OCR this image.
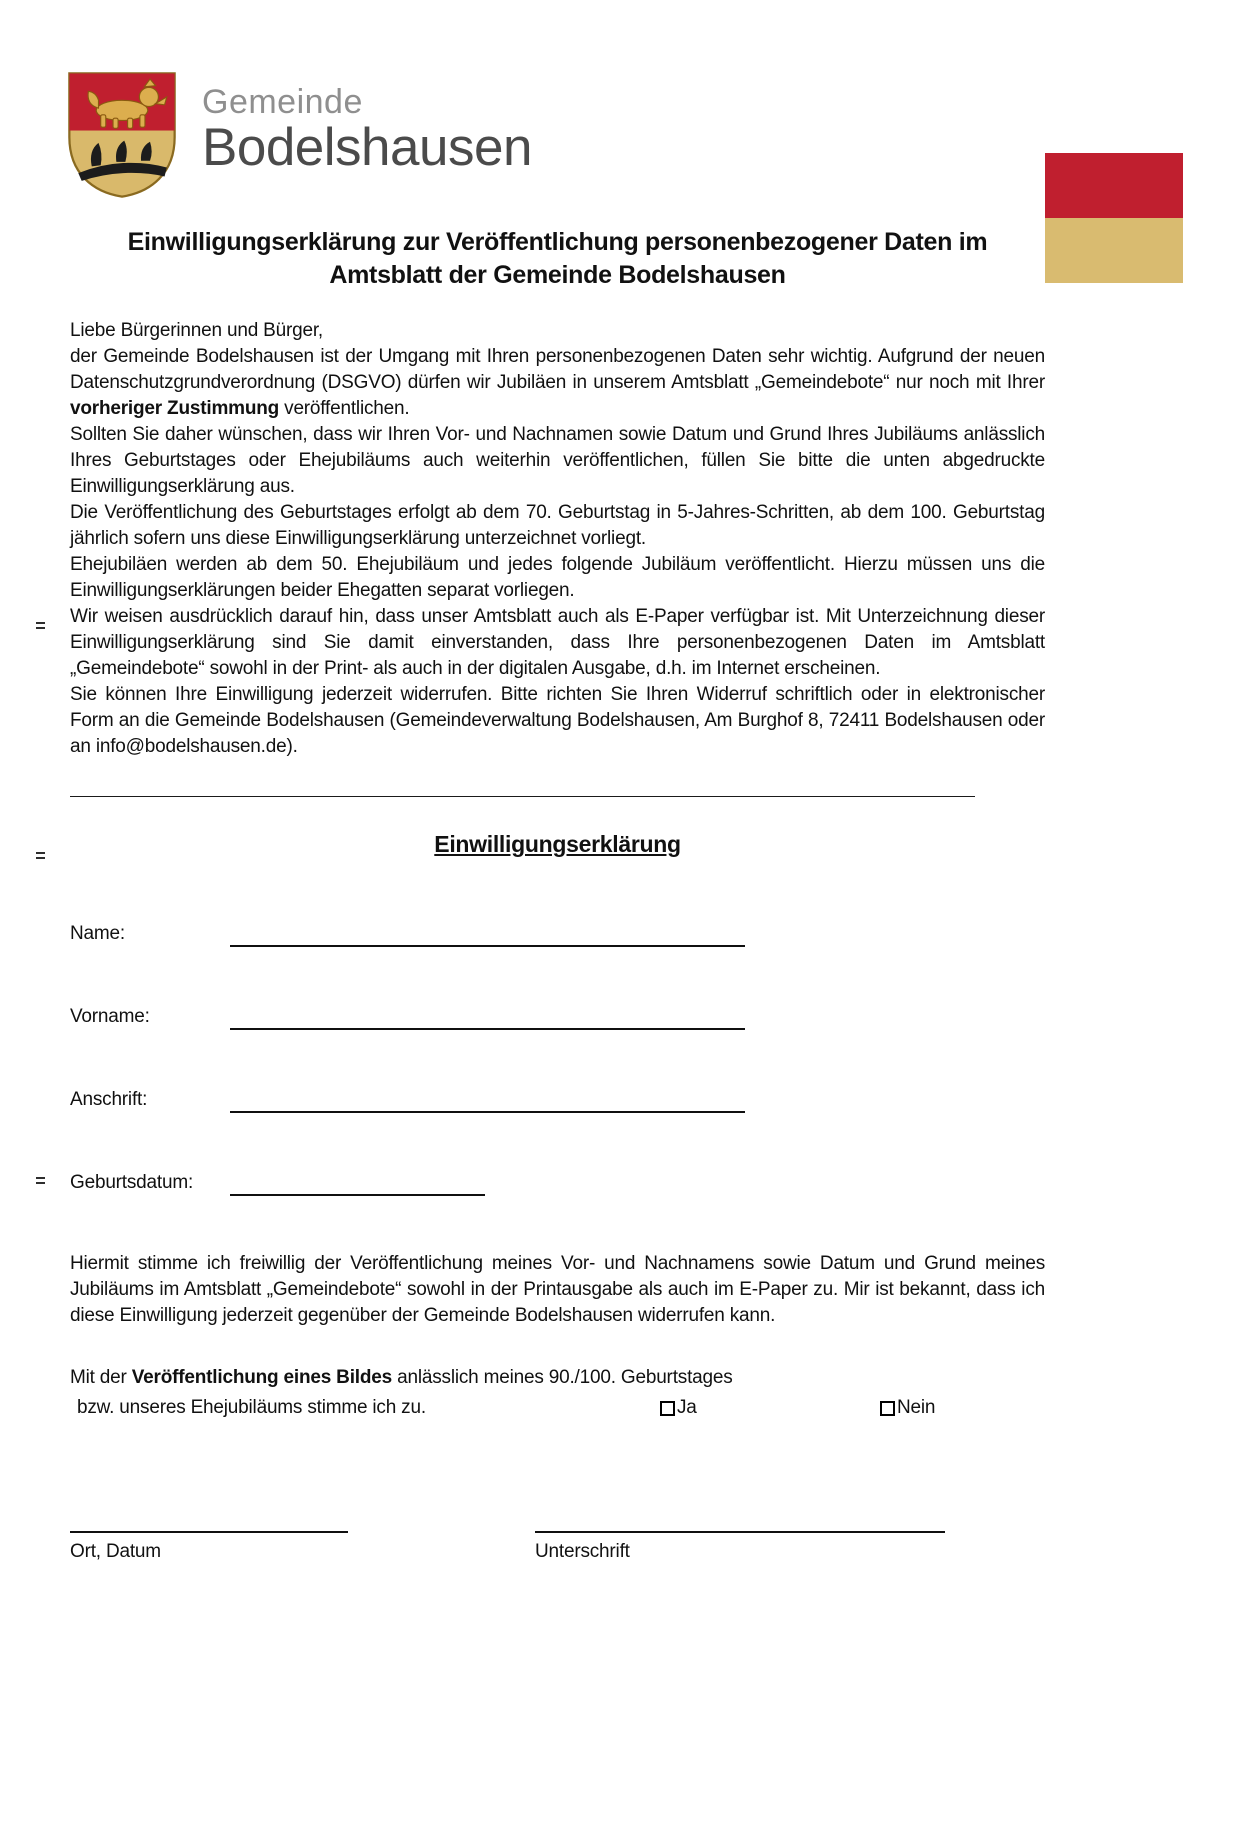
Gemeinde
Bodelshausen
Einwilligungserklärung zur Veröffentlichung personenbezogener Daten im
Amtsblatt der Gemeinde Bodelshausen
Liebe Bürgerinnen und Bürger,

der Gemeinde Bodelshausen ist der Umgang mit Ihren personenbezogenen Daten sehr wichtig. Aufgrund der neuen Datenschutzgrundverordnung (DSGVO) dürfen wir Jubiläen in unserem Amtsblatt „Gemeindebote“ nur noch mit Ihrer vorheriger Zustimmung veröffentlichen.

Sollten Sie daher wünschen, dass wir Ihren Vor- und Nachnamen sowie Datum und Grund Ihres Jubiläums anlässlich Ihres Geburtstages oder Ehejubiläums auch weiterhin veröffentlichen, füllen Sie bitte die unten abgedruckte Einwilligungserklärung aus.

Die Veröffentlichung des Geburtstages erfolgt ab dem 70. Geburtstag in 5-Jahres-Schritten, ab dem 100. Geburtstag jährlich sofern uns diese Einwilligungserklärung unterzeichnet vorliegt.

Ehejubiläen werden ab dem 50. Ehejubiläum und jedes folgende Jubiläum veröffentlicht. Hierzu müssen uns die Einwilligungserklärungen beider Ehegatten separat vorliegen.

Wir weisen ausdrücklich darauf hin, dass unser Amtsblatt auch als E-Paper verfügbar ist. Mit Unterzeichnung dieser Einwilligungserklärung sind Sie damit einverstanden, dass Ihre personenbezogenen Daten im Amtsblatt „Gemeindebote“ sowohl in der Print- als auch in der digitalen Ausgabe, d.h. im Internet erscheinen.

Sie können Ihre Einwilligung jederzeit widerrufen. Bitte richten Sie Ihren Widerruf schriftlich oder in elektronischer Form an die Gemeinde Bodelshausen (Gemeindeverwaltung Bodelshausen, Am Burghof 8, 72411 Bodelshausen oder an info@bodelshausen.de).

Einwilligungserklärung
Name:
Vorname:
Anschrift:
Geburtsdatum:

Hiermit stimme ich freiwillig der Veröffentlichung meines Vor- und Nachnamens sowie Datum und Grund meines Jubiläums im Amtsblatt „Gemeindebote“ sowohl in der Printausgabe als auch im E-Paper zu. Mir ist bekannt, dass ich diese Einwilligung jederzeit gegenüber der Gemeinde Bodelshausen widerrufen kann.

Mit der Veröffentlichung eines Bildes anlässlich meines 90./100. Geburtstages
bzw. unseres Ehejubiläums stimme ich zu.	Ja	Nein
Ort, Datum	Unterschrift
